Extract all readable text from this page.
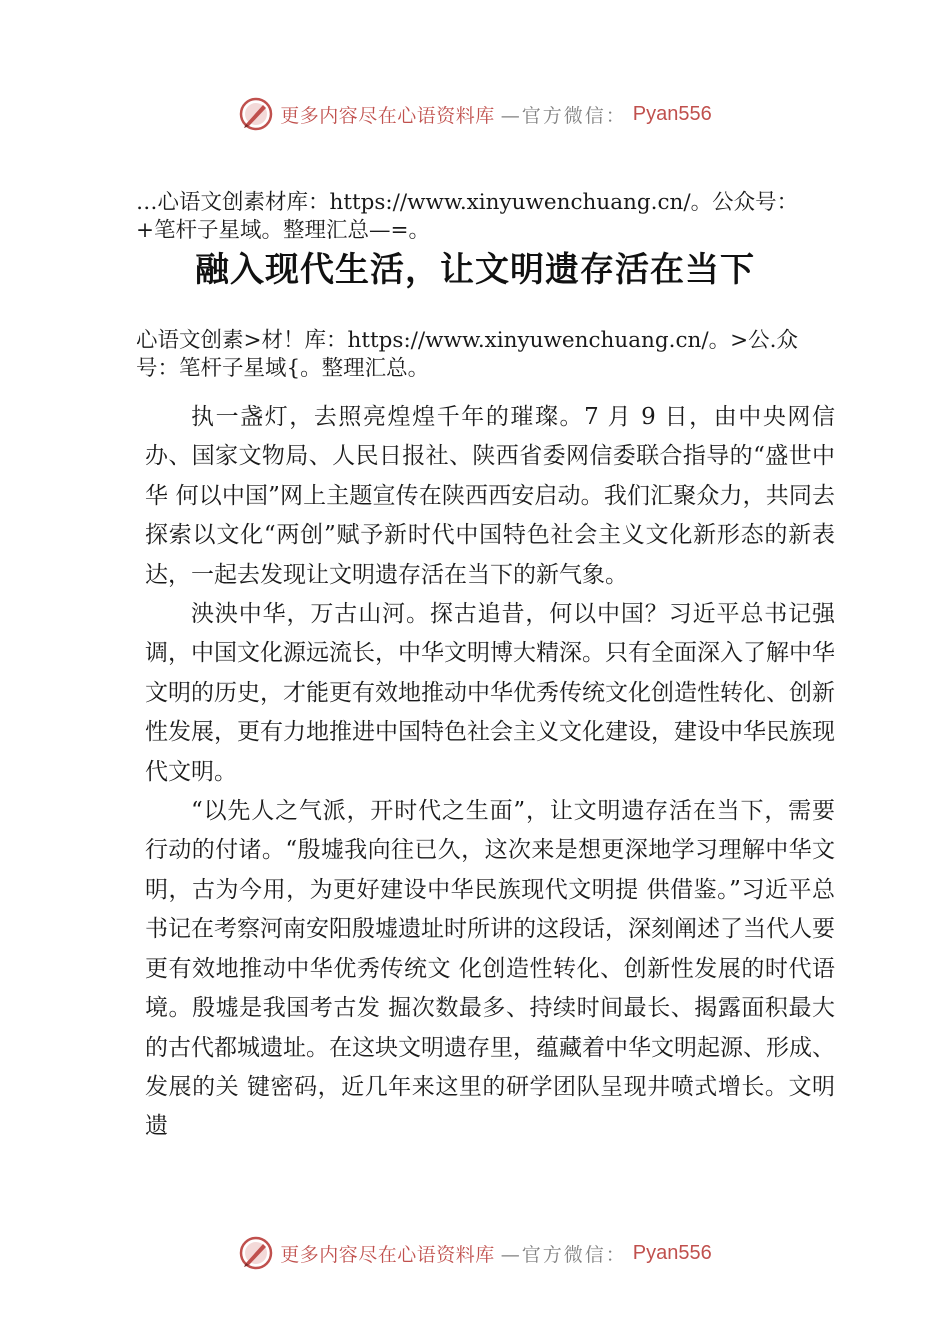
更多内容尽在心语资料库 —官方微信： Pyan556
…心语文创素材库：https://www.xinyuwenchuang.cn/。公众号：+笔杆子星域。整理汇总—=。
融入现代生活，让文明遗存活在当下
心语文创素>材！库：https://www.xinyuwenchuang.cn/。>公.众号：笔杆子星域{。整理汇总。

执一盏灯，去照亮煌煌千年的璀璨。7 月 9 日，由中央网信办、国家文物局、人民日报社、陕西省委网信委联合指导的“盛世中华 何以中国”网上主题宣传在陕西西安启动。我们汇聚众力，共同去探索以文化“两创”赋予新时代中国特色社会主义文化新形态的新表达，一起去发现让文明遗存活在当下的新气象。

泱泱中华，万古山河。探古追昔，何以中国？习近平总书记强调，中国文化源远流长，中华文明博大精深。只有全面深入了解中华文明的历史，才能更有效地推动中华优秀传统文化创造性转化、创新性发展，更有力地推进中国特色社会主义文化建设，建设中华民族现代文明。

“以先人之气派，开时代之生面”，让文明遗存活在当下，需要行动的付诸。“殷墟我向往已久，这次来是想更深地学习理解中华文明，古为今用，为更好建设中华民族现代文明提 供借鉴。”习近平总书记在考察河南安阳殷墟遗址时所讲的这段话，深刻阐述了当代人要更有效地推动中华优秀传统文 化创造性转化、创新性发展的时代语境。殷墟是我国考古发 掘次数最多、持续时间最长、揭露面积最大的古代都城遗址。在这块文明遗存里，蕴藏着中华文明起源、形成、发展的关 键密码，近几年来这里的研学团队呈现井喷式增长。文明遗

更多内容尽在心语资料库 —官方微信： Pyan556
